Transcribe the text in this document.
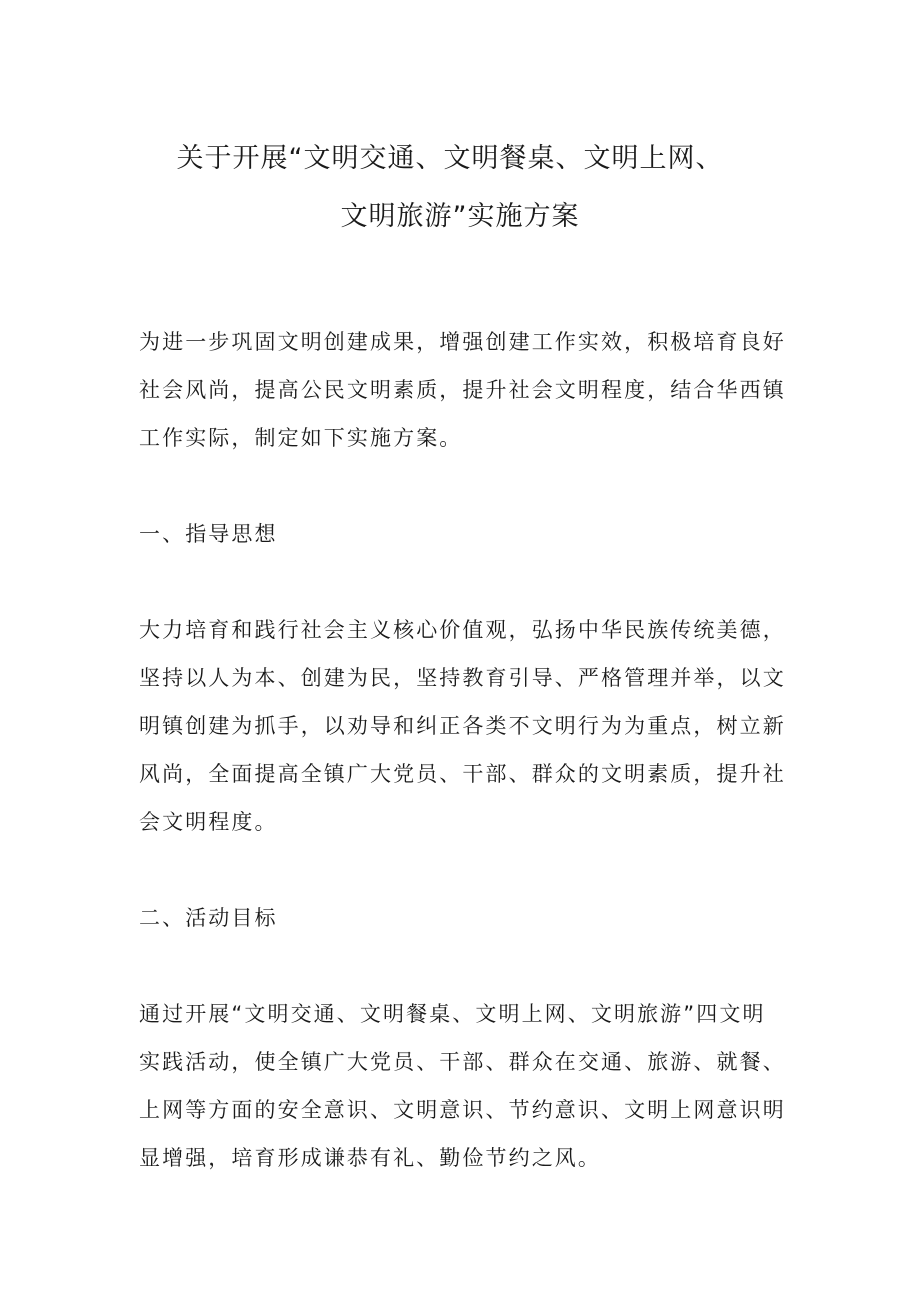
关于开展“文明交通、文明餐桌、文明上网、
文明旅游”实施方案

为进一步巩固文明创建成果，增强创建工作实效，积极培育良好
社会风尚，提高公民文明素质，提升社会文明程度，结合华西镇
工作实际，制定如下实施方案。

一、指导思想

大力培育和践行社会主义核心价值观，弘扬中华民族传统美德，
坚持以人为本、创建为民，坚持教育引导、严格管理并举，以文
明镇创建为抓手，以劝导和纠正各类不文明行为为重点，树立新
风尚，全面提高全镇广大党员、干部、群众的文明素质，提升社
会文明程度。

二、活动目标

通过开展“文明交通、文明餐桌、文明上网、文明旅游”四文明
实践活动，使全镇广大党员、干部、群众在交通、旅游、就餐、
上网等方面的安全意识、文明意识、节约意识、文明上网意识明
显增强，培育形成谦恭有礼、勤俭节约之风。
